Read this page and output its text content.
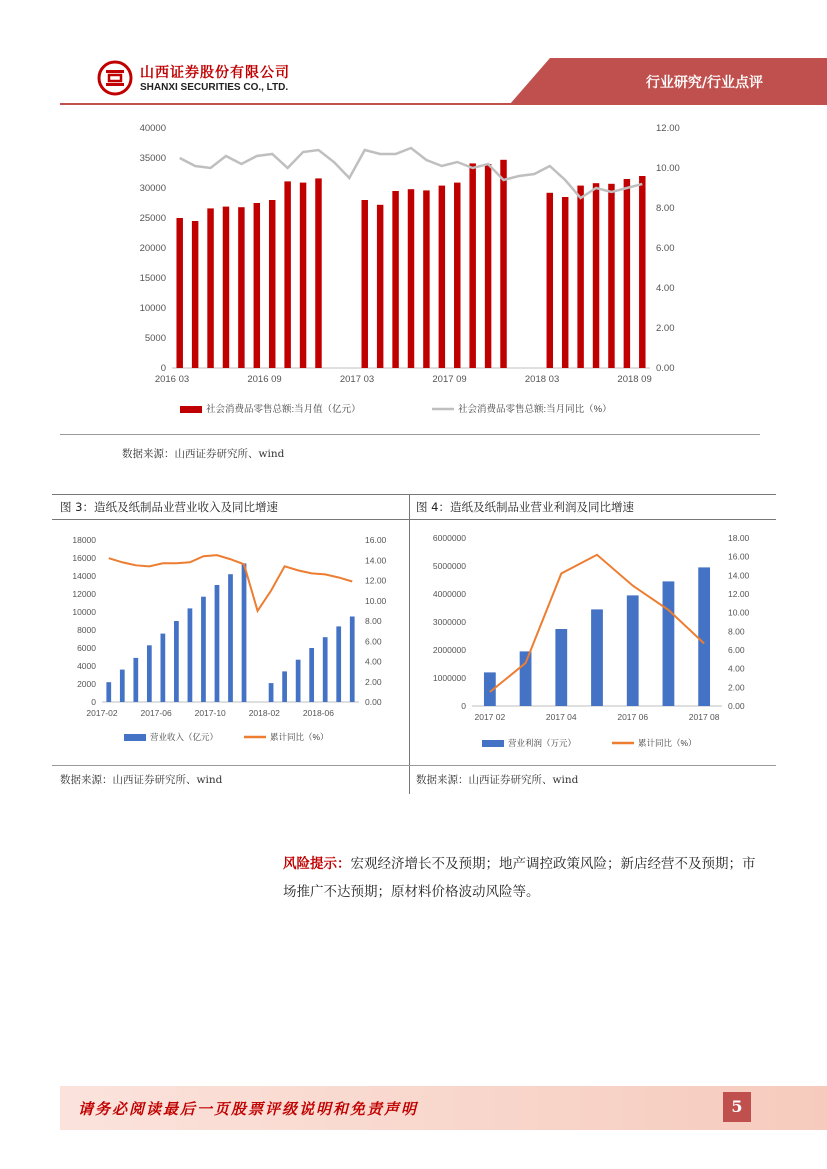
山西证券股份有限公司
SHANXI SECURITIES CO., LTD.	行业研究/行业点评
0
5000
10000
15000
20000
25000
30000
35000
40000
0.00
2.00
4.00
6.00
8.00
10.00
12.00
2016 03	2016 09	2017 03	2017 09	2018 03	2018 09
社会消费品零售总额:当月值（亿元）	社会消费品零售总额:当月同比（%）
数据来源：山西证券研究所、wind
图 3：造纸及纸制品业营业收入及同比增速	图 4：造纸及纸制品业营业利润及同比增速
0
2000
4000
6000
8000
10000
12000
14000
16000
18000
0.00
2.00
4.00
6.00
8.00
10.00
12.00
14.00
16.00
2017-02	2017-06	2017-10	2018-02	2018-06
营业收入（亿元）	累计同比（%）
0
1000000
2000000
3000000
4000000
5000000
6000000
0.00
2.00
4.00
6.00
8.00
10.00
12.00
14.00
16.00
18.00
2017 02	2017 04	2017 06	2017 08
营业利润（万元）	累计同比（%）
数据来源：山西证券研究所、wind	数据来源：山西证券研究所、wind
风险提示：宏观经济增长不及预期；地产调控政策风险；新店经营不及预期；市场推广不达预期；原材料价格波动风险等。
请务必阅读最后一页股票评级说明和免责声明	5
